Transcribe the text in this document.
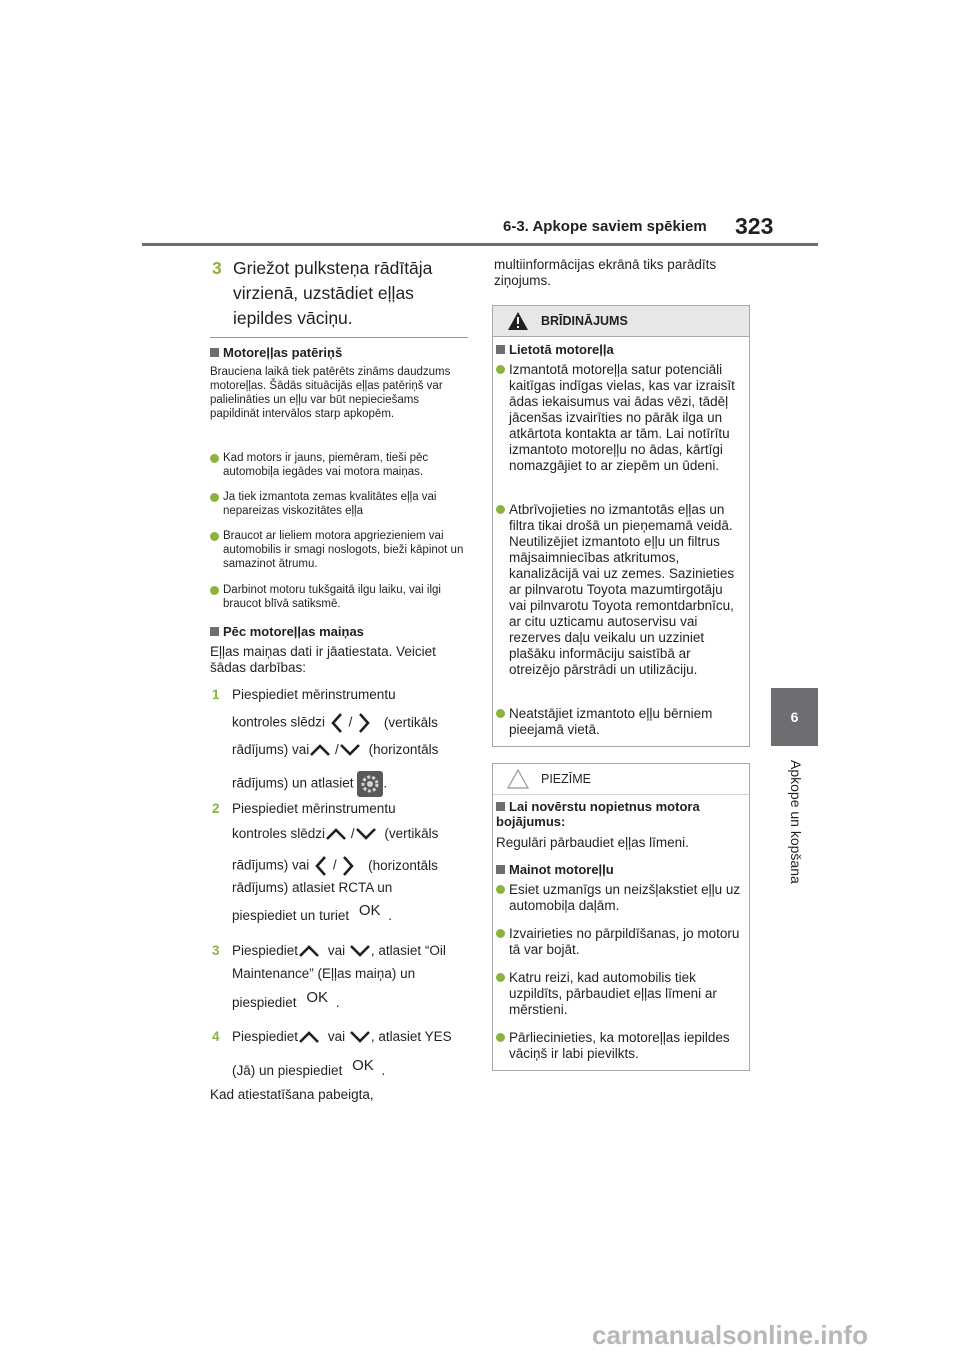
6-3. Apkope saviem spēkiem 323
6
Apkope un kopšana
3 Griežot pulksteņa rādītāja virzienā, uzstādiet eļļas iepildes vāciņu.
Motoreļļas patēriņš
Brauciena laikā tiek patērēts zināms daudzums motoreļļas. Šādās situācijās eļļas patēriņš var palielināties un eļļu var būt nepieciešams papildināt intervālos starp apkopēm.
Kad motors ir jauns, piemēram, tieši pēc automobiļa iegādes vai motora maiņas.
Ja tiek izmantota zemas kvalitātes eļļa vai nepareizas viskozitātes eļļa
Braucot ar lieliem motora apgriezieniem vai automobilis ir smagi noslogots, bieži kāpinot un samazinot ātrumu.
Darbinot motoru tukšgaitā ilgu laiku, vai ilgi braucot blīvā satiksmē.
Pēc motoreļļas maiņas
Eļļas maiņas dati ir jāatiestata. Veiciet šādas darbības:
1 Piespiediet mērinstrumentu
kontroles slēdzi / (vertikāls
rādījums) vai / (horizontāls
rādījums) un atlasiet .
2 Piespiediet mērinstrumentu
kontroles slēdzi / (vertikāls
rādījums) vai / (horizontāls
rādījums) atlasiet RCTA un
piespiediet un turiet OK .
3 Piespiediet vai , atlasiet “Oil
Maintenance” (Eļļas maiņa) un
piespiediet OK .
4 Piespiediet vai , atlasiet YES
(Jā) un piespiediet OK .
Kad atiestatīšana pabeigta,
multiinformācijas ekrānā tiks parādīts ziņojums.
BRĪDINĀJUMS
Lietotā motoreļļa
Izmantotā motoreļļa satur potenciāli kaitīgas indīgas vielas, kas var izraisīt ādas iekaisumus vai ādas vēzi, tādēļ jācenšas izvairīties no pārāk ilga un atkārtota kontakta ar tām. Lai notīrītu izmantoto motoreļļu no ādas, kārtīgi nomazgājiet to ar ziepēm un ūdeni.
Atbrīvojieties no izmantotās eļļas un filtra tikai drošā un pieņemamā veidā. Neutilizējiet izmantoto eļļu un filtrus mājsaimniecības atkritumos, kanalizācijā vai uz zemes. Sazinieties ar pilnvarotu Toyota mazumtirgotāju vai pilnvarotu Toyota remontdarbnīcu, ar citu uzticamu autoservisu vai rezerves daļu veikalu un uzziniet plašāku informāciju saistībā ar otreizējo pārstrādi un utilizāciju.
Neatstājiet izmantoto eļļu bērniem pieejamā vietā.
PIEZĪME
Lai novērstu nopietnus motora bojājumus:
Regulāri pārbaudiet eļļas līmeni.
Mainot motoreļļu
Esiet uzmanīgs un neizšļakstiet eļļu uz automobiļa daļām.
Izvairieties no pārpildīšanas, jo motoru tā var bojāt.
Katru reizi, kad automobilis tiek uzpildīts, pārbaudiet eļļas līmeni ar mērstieni.
Pārliecinieties, ka motoreļļas iepildes vāciņš ir labi pievilkts.
carmanualsonline.info
